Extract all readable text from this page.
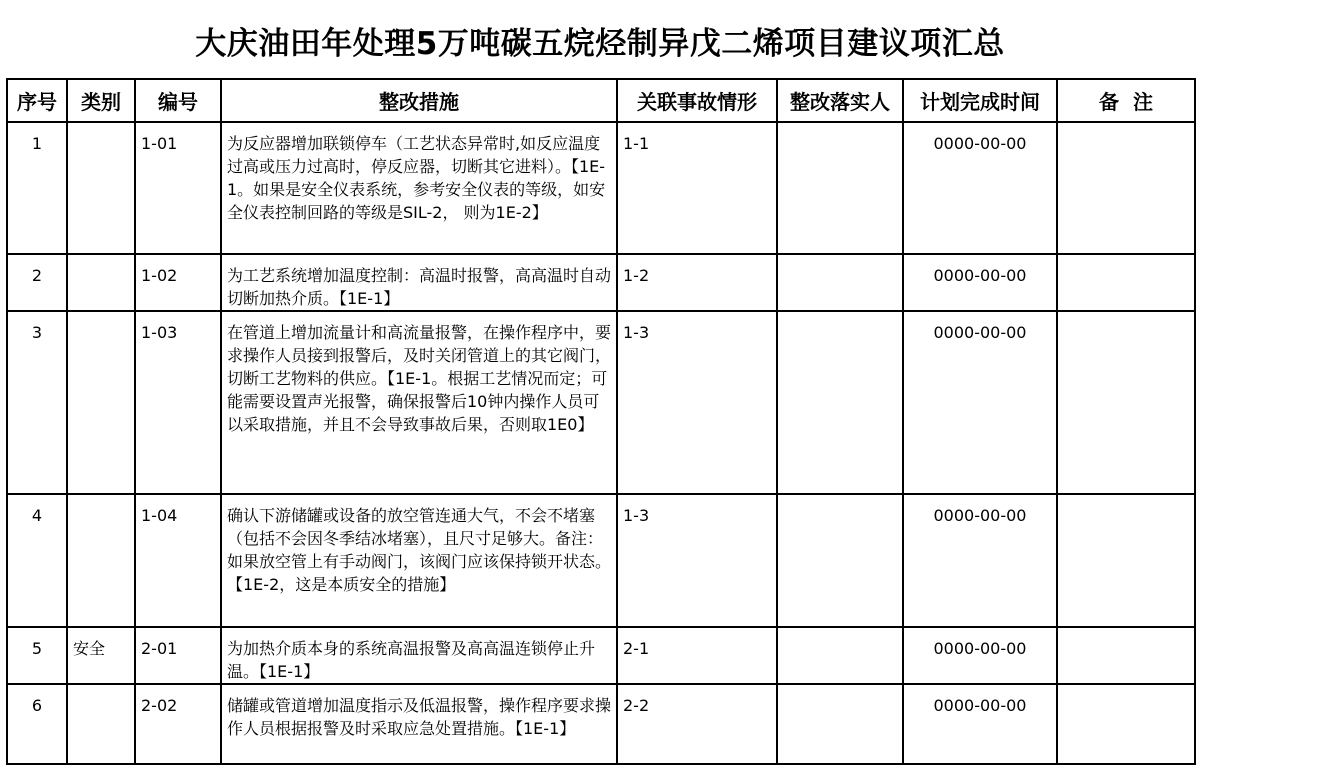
大庆油田年处理5万吨碳五烷烃制异戊二烯项目建议项汇总
序号	类别	编号	整改措施	关联事故情形	整改落实人	计划完成时间	备  注

1		1-01	为反应器增加联锁停车（工艺状态异常时,如反应温度过高或压力过高时，停反应器，切断其它进料）。【1E-1。如果是安全仪表系统，参考安全仪表的等级，如安全仪表控制回路的等级是SIL-2， 则为1E-2】	1-1		0000-00-00	

2		1-02	为工艺系统增加温度控制：高温时报警，高高温时自动切断加热介质。【1E-1】	1-2		0000-00-00	

3		1-03	在管道上增加流量计和高流量报警，在操作程序中，要求操作人员接到报警后，及时关闭管道上的其它阀门，切断工艺物料的供应。【1E-1。根据工艺情况而定；可能需要设置声光报警，确保报警后10钟内操作人员可以采取措施，并且不会导致事故后果，否则取1E0】	1-3		0000-00-00	

4		1-04	确认下游储罐或设备的放空管连通大气，不会不堵塞（包括不会因冬季结冰堵塞），且尺寸足够大。备注：如果放空管上有手动阀门，该阀门应该保持锁开状态。【1E-2，这是本质安全的措施】	1-3		0000-00-00	

5	安全	2-01	为加热介质本身的系统高温报警及高高温连锁停止升温。【1E-1】	2-1		0000-00-00	

6		2-02	储罐或管道增加温度指示及低温报警，操作程序要求操作人员根据报警及时采取应急处置措施。【1E-1】	2-2		0000-00-00	
